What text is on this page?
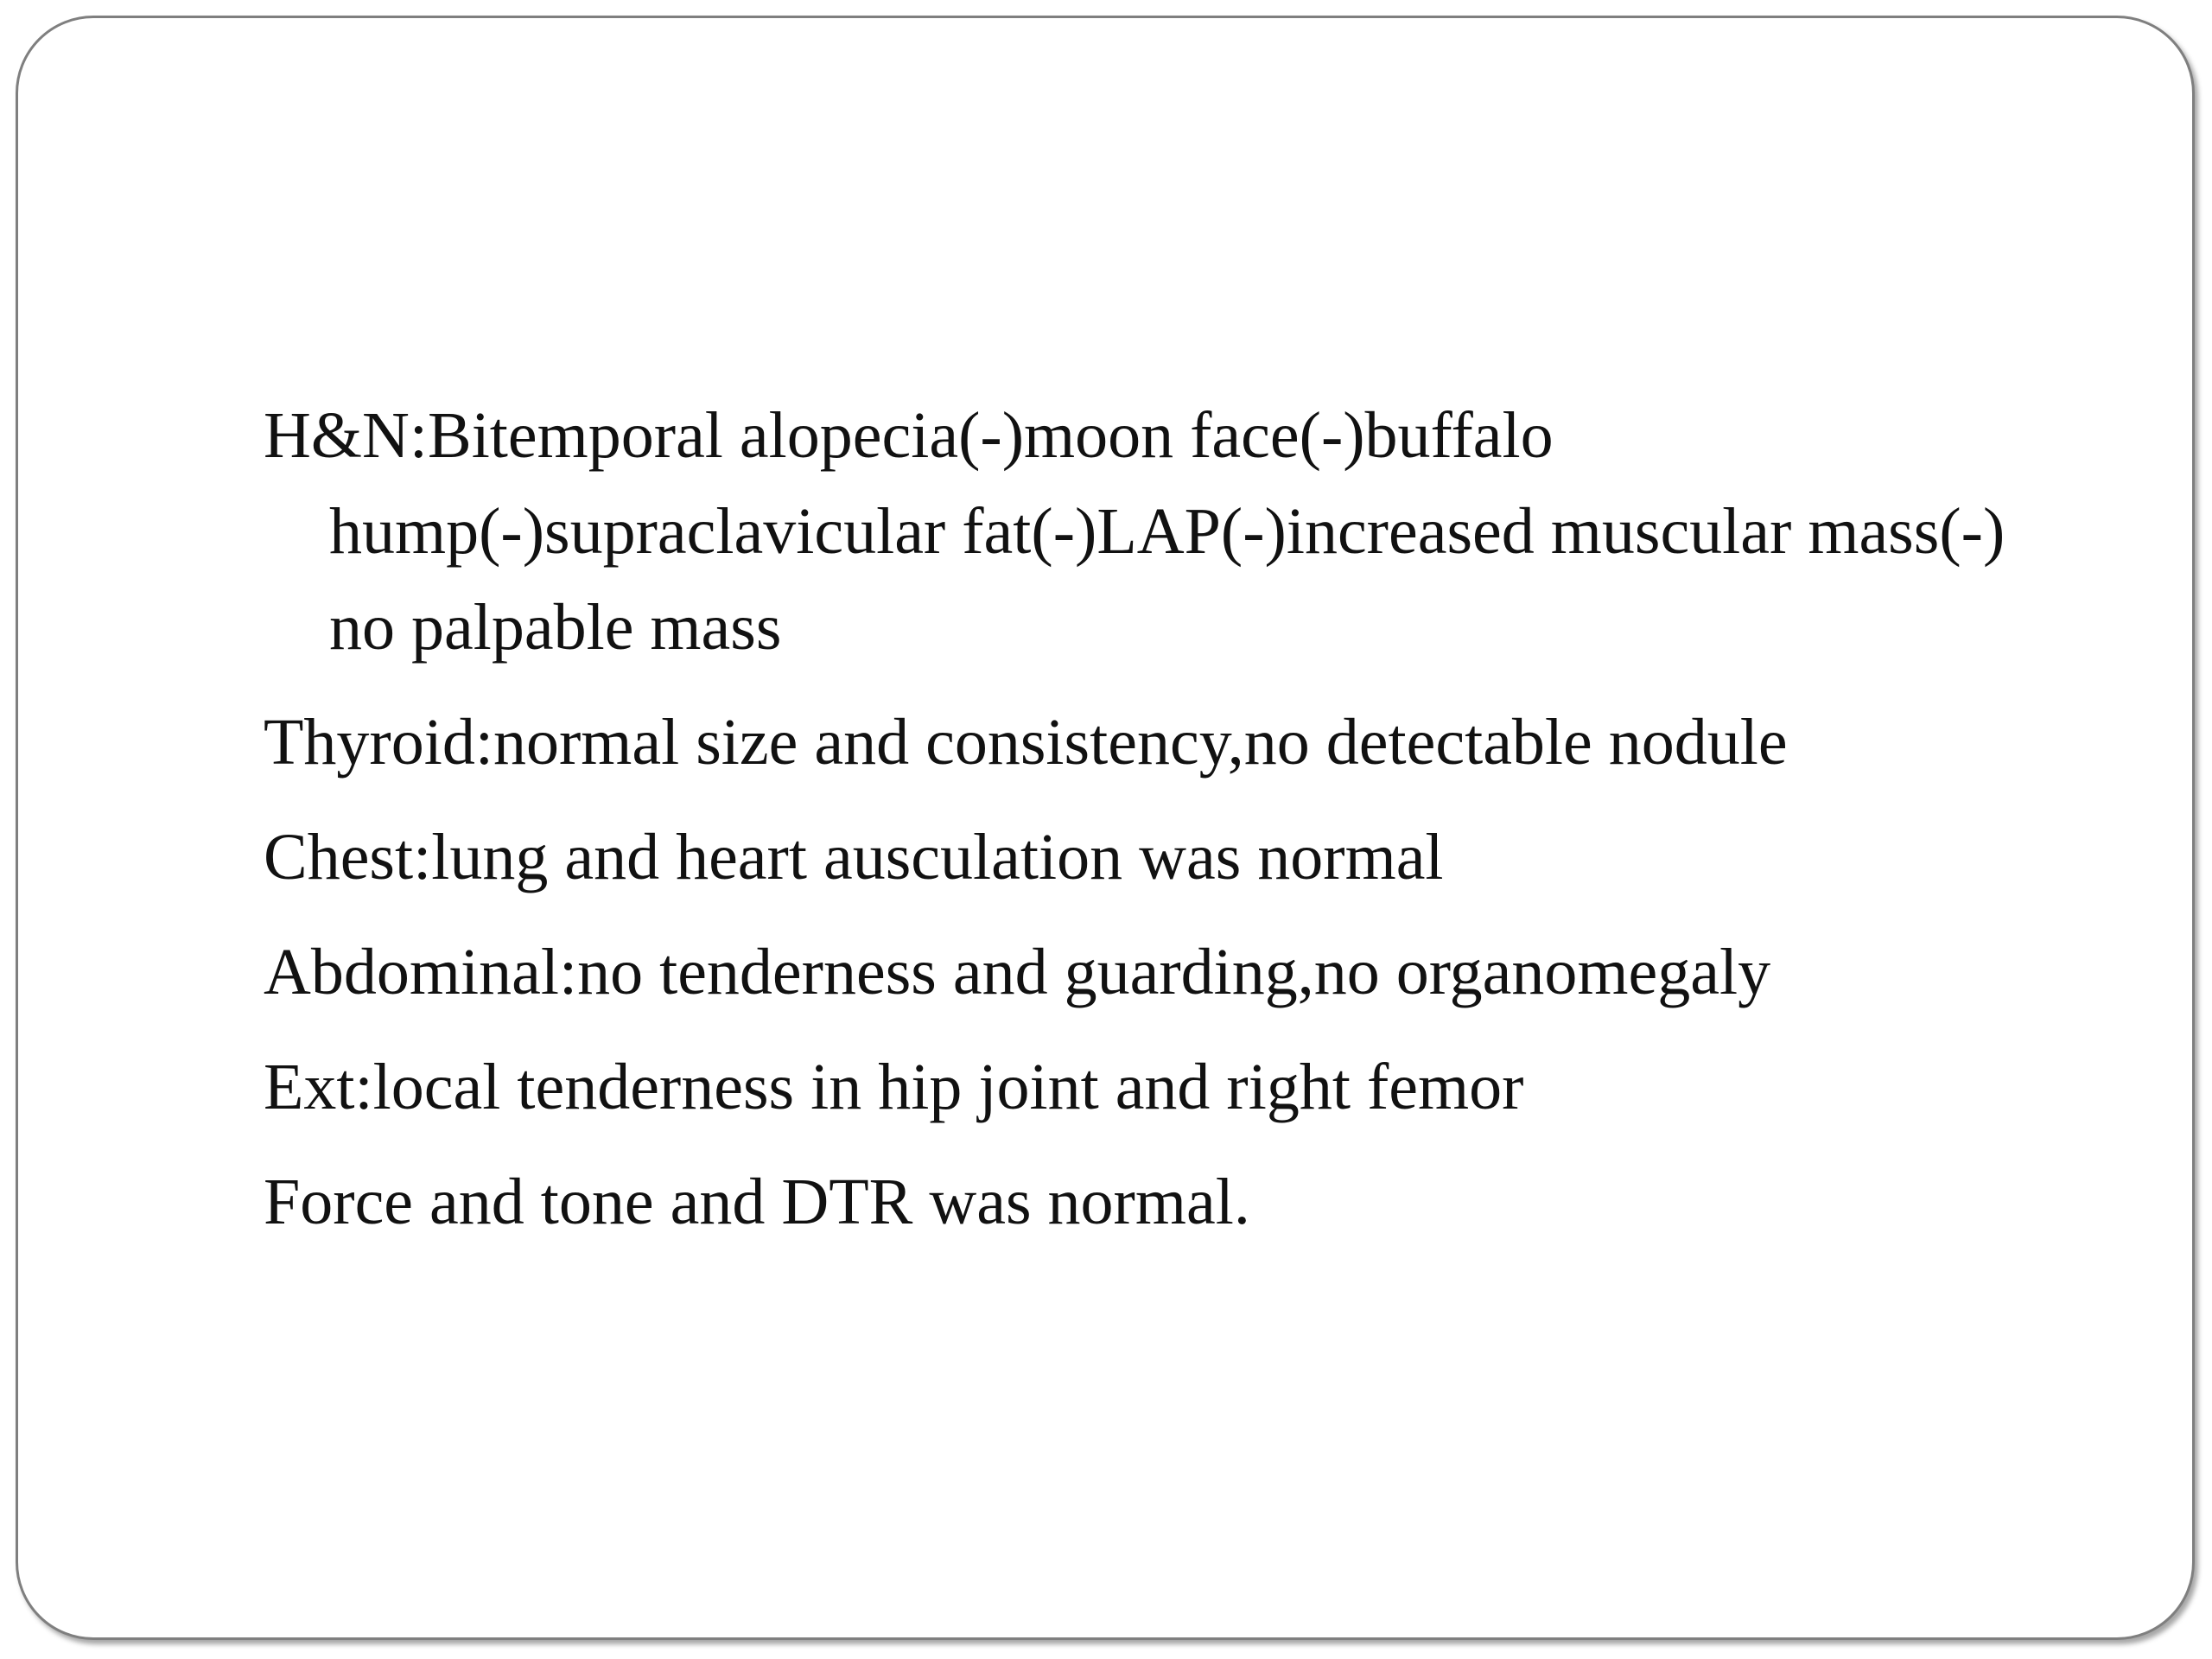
H&N:Bitemporal alopecia(-)moon face(-)buffalo hump(-)supraclavicular fat(-)LAP(-)increased muscular mass(-) no palpable mass

Thyroid:normal size and consistency,no detectable nodule

Chest:lung and heart ausculation was normal

Abdominal:no tenderness and guarding,no organomegaly

Ext:local tenderness in hip joint and right femor

Force and tone and DTR was normal.
